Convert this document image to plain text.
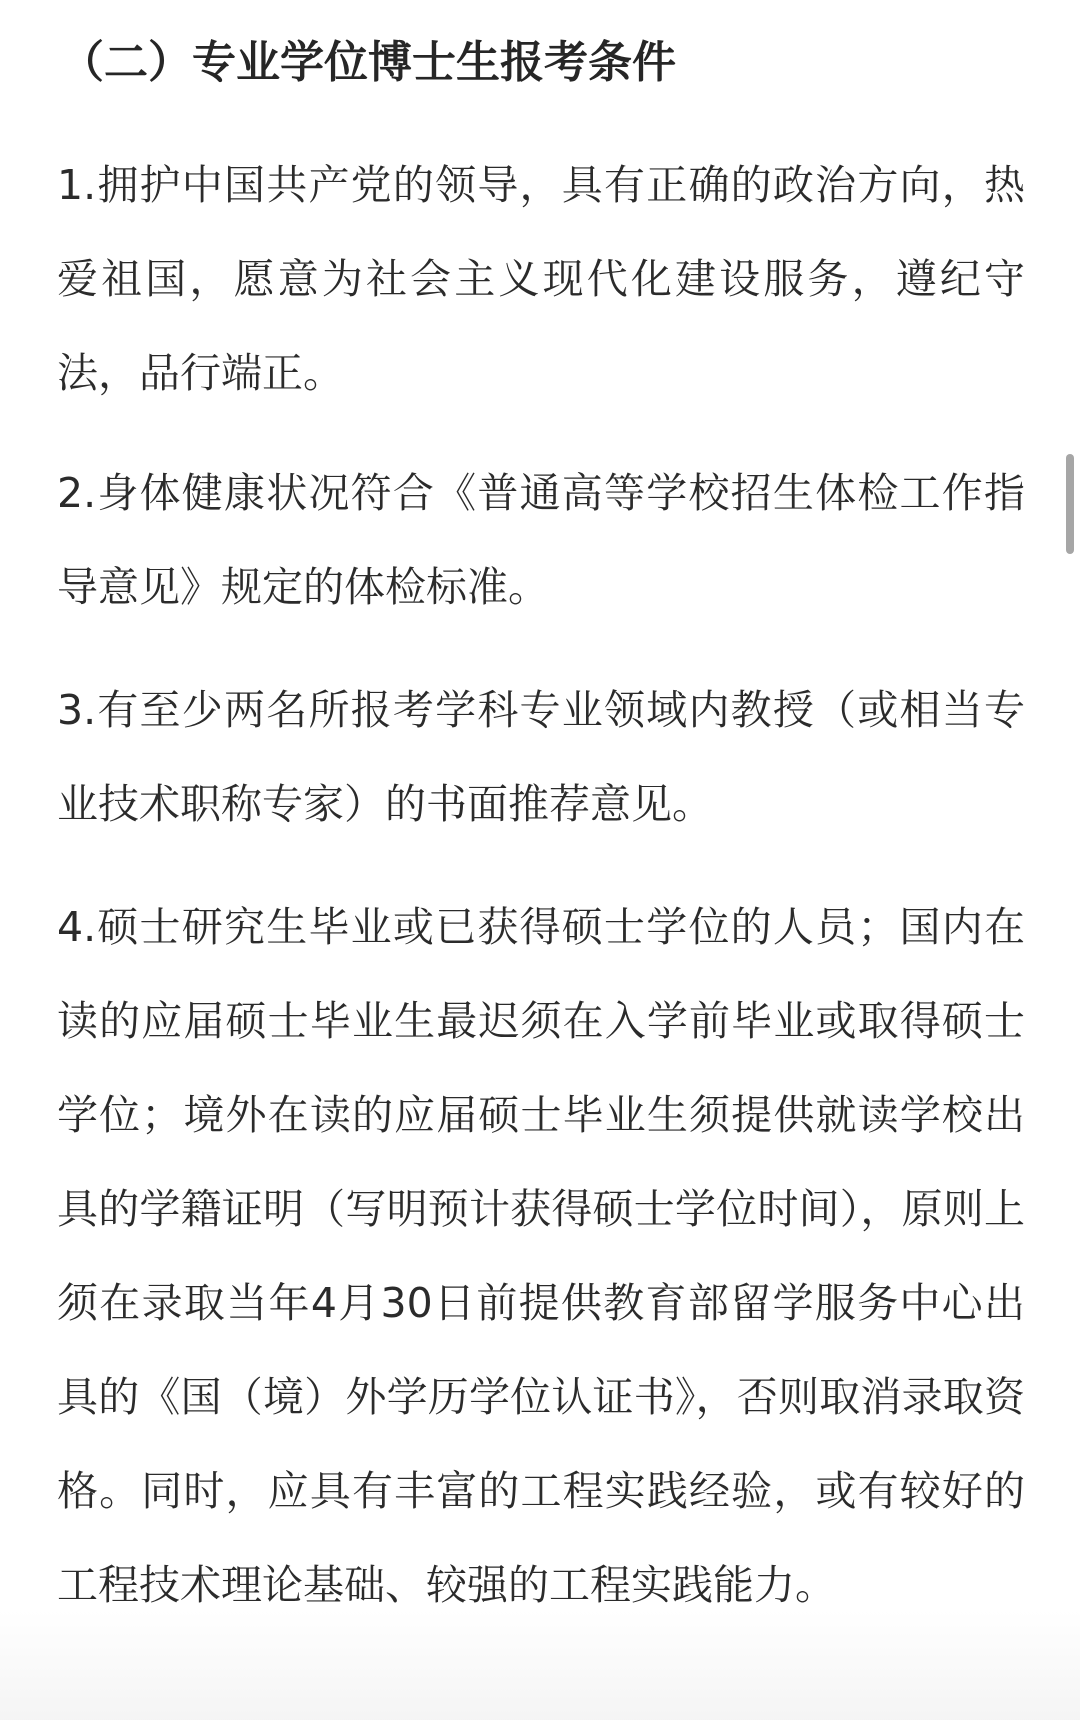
（二）专业学位博士生报考条件

1.拥护中国共产党的领导，具有正确的政治方向，热爱祖国，愿意为社会主义现代化建设服务，遵纪守法，品行端正。

2.身体健康状况符合《普通高等学校招生体检工作指导意见》规定的体检标准。

3.有至少两名所报考学科专业领域内教授（或相当专业技术职称专家）的书面推荐意见。

4.硕士研究生毕业或已获得硕士学位的人员；国内在读的应届硕士毕业生最迟须在入学前毕业或取得硕士学位；境外在读的应届硕士毕业生须提供就读学校出具的学籍证明（写明预计获得硕士学位时间），原则上须在录取当年4月30日前提供教育部留学服务中心出具的《国（境）外学历学位认证书》，否则取消录取资格。同时，应具有丰富的工程实践经验，或有较好的工程技术理论基础、较强的工程实践能力。
